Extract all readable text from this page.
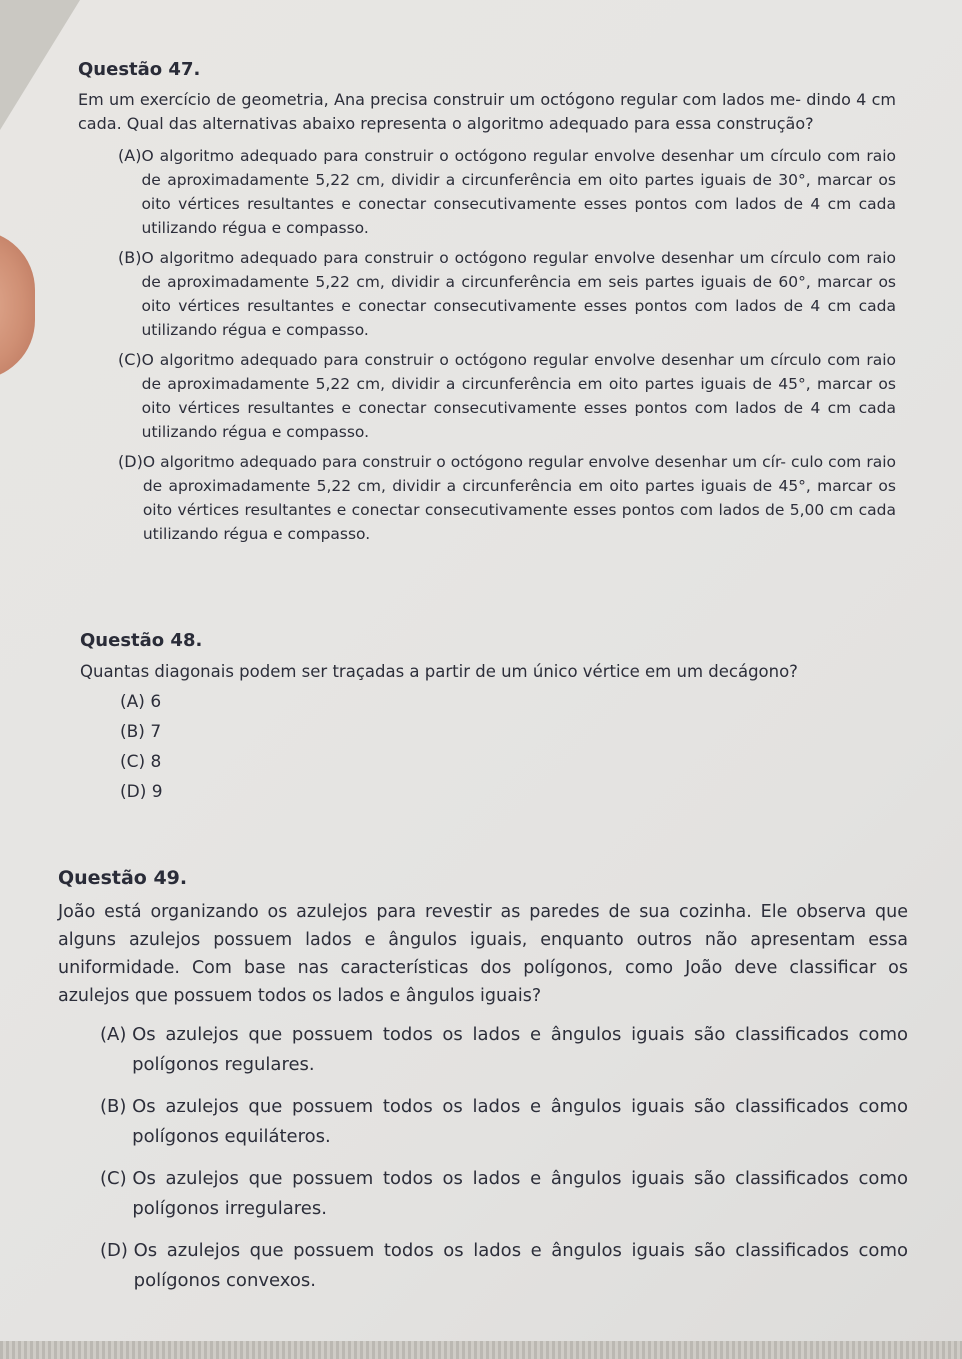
Questão 47.

Em um exercício de geometria, Ana precisa construir um octógono regular com lados me- dindo 4 cm cada. Qual das alternativas abaixo representa o algoritmo adequado para essa construção?

(A) O algoritmo adequado para construir o octógono regular envolve desenhar um círculo com raio de aproximadamente 5,22 cm, dividir a circunferência em oito partes iguais de 30°, marcar os oito vértices resultantes e conectar consecutivamente esses pontos com lados de 4 cm cada utilizando régua e compasso.
(B) O algoritmo adequado para construir o octógono regular envolve desenhar um círculo com raio de aproximadamente 5,22 cm, dividir a circunferência em seis partes iguais de 60°, marcar os oito vértices resultantes e conectar consecutivamente esses pontos com lados de 4 cm cada utilizando régua e compasso.
(C) O algoritmo adequado para construir o octógono regular envolve desenhar um círculo com raio de aproximadamente 5,22 cm, dividir a circunferência em oito partes iguais de 45°, marcar os oito vértices resultantes e conectar consecutivamente esses pontos com lados de 4 cm cada utilizando régua e compasso.
(D) O algoritmo adequado para construir o octógono regular envolve desenhar um cír- culo com raio de aproximadamente 5,22 cm, dividir a circunferência em oito partes iguais de 45°, marcar os oito vértices resultantes e conectar consecutivamente esses pontos com lados de 5,00 cm cada utilizando régua e compasso.

Questão 48.

Quantas diagonais podem ser traçadas a partir de um único vértice em um decágono?

(A)
6
(B)
7
(C)
8
(D)
9

Questão 49.

João está organizando os azulejos para revestir as paredes de sua cozinha. Ele observa que alguns azulejos possuem lados e ângulos iguais, enquanto outros não apresentam essa uniformidade. Com base nas características dos polígonos, como João deve classificar os azulejos que possuem todos os lados e ângulos iguais?

(A)
Os azulejos que possuem todos os lados e ângulos iguais são classificados como polígonos regulares.
(B)
Os azulejos que possuem todos os lados e ângulos iguais são classificados como polígonos equiláteros.
(C)
Os azulejos que possuem todos os lados e ângulos iguais são classificados como polígonos irregulares.
(D)
Os azulejos que possuem todos os lados e ângulos iguais são classificados como polígonos convexos.
